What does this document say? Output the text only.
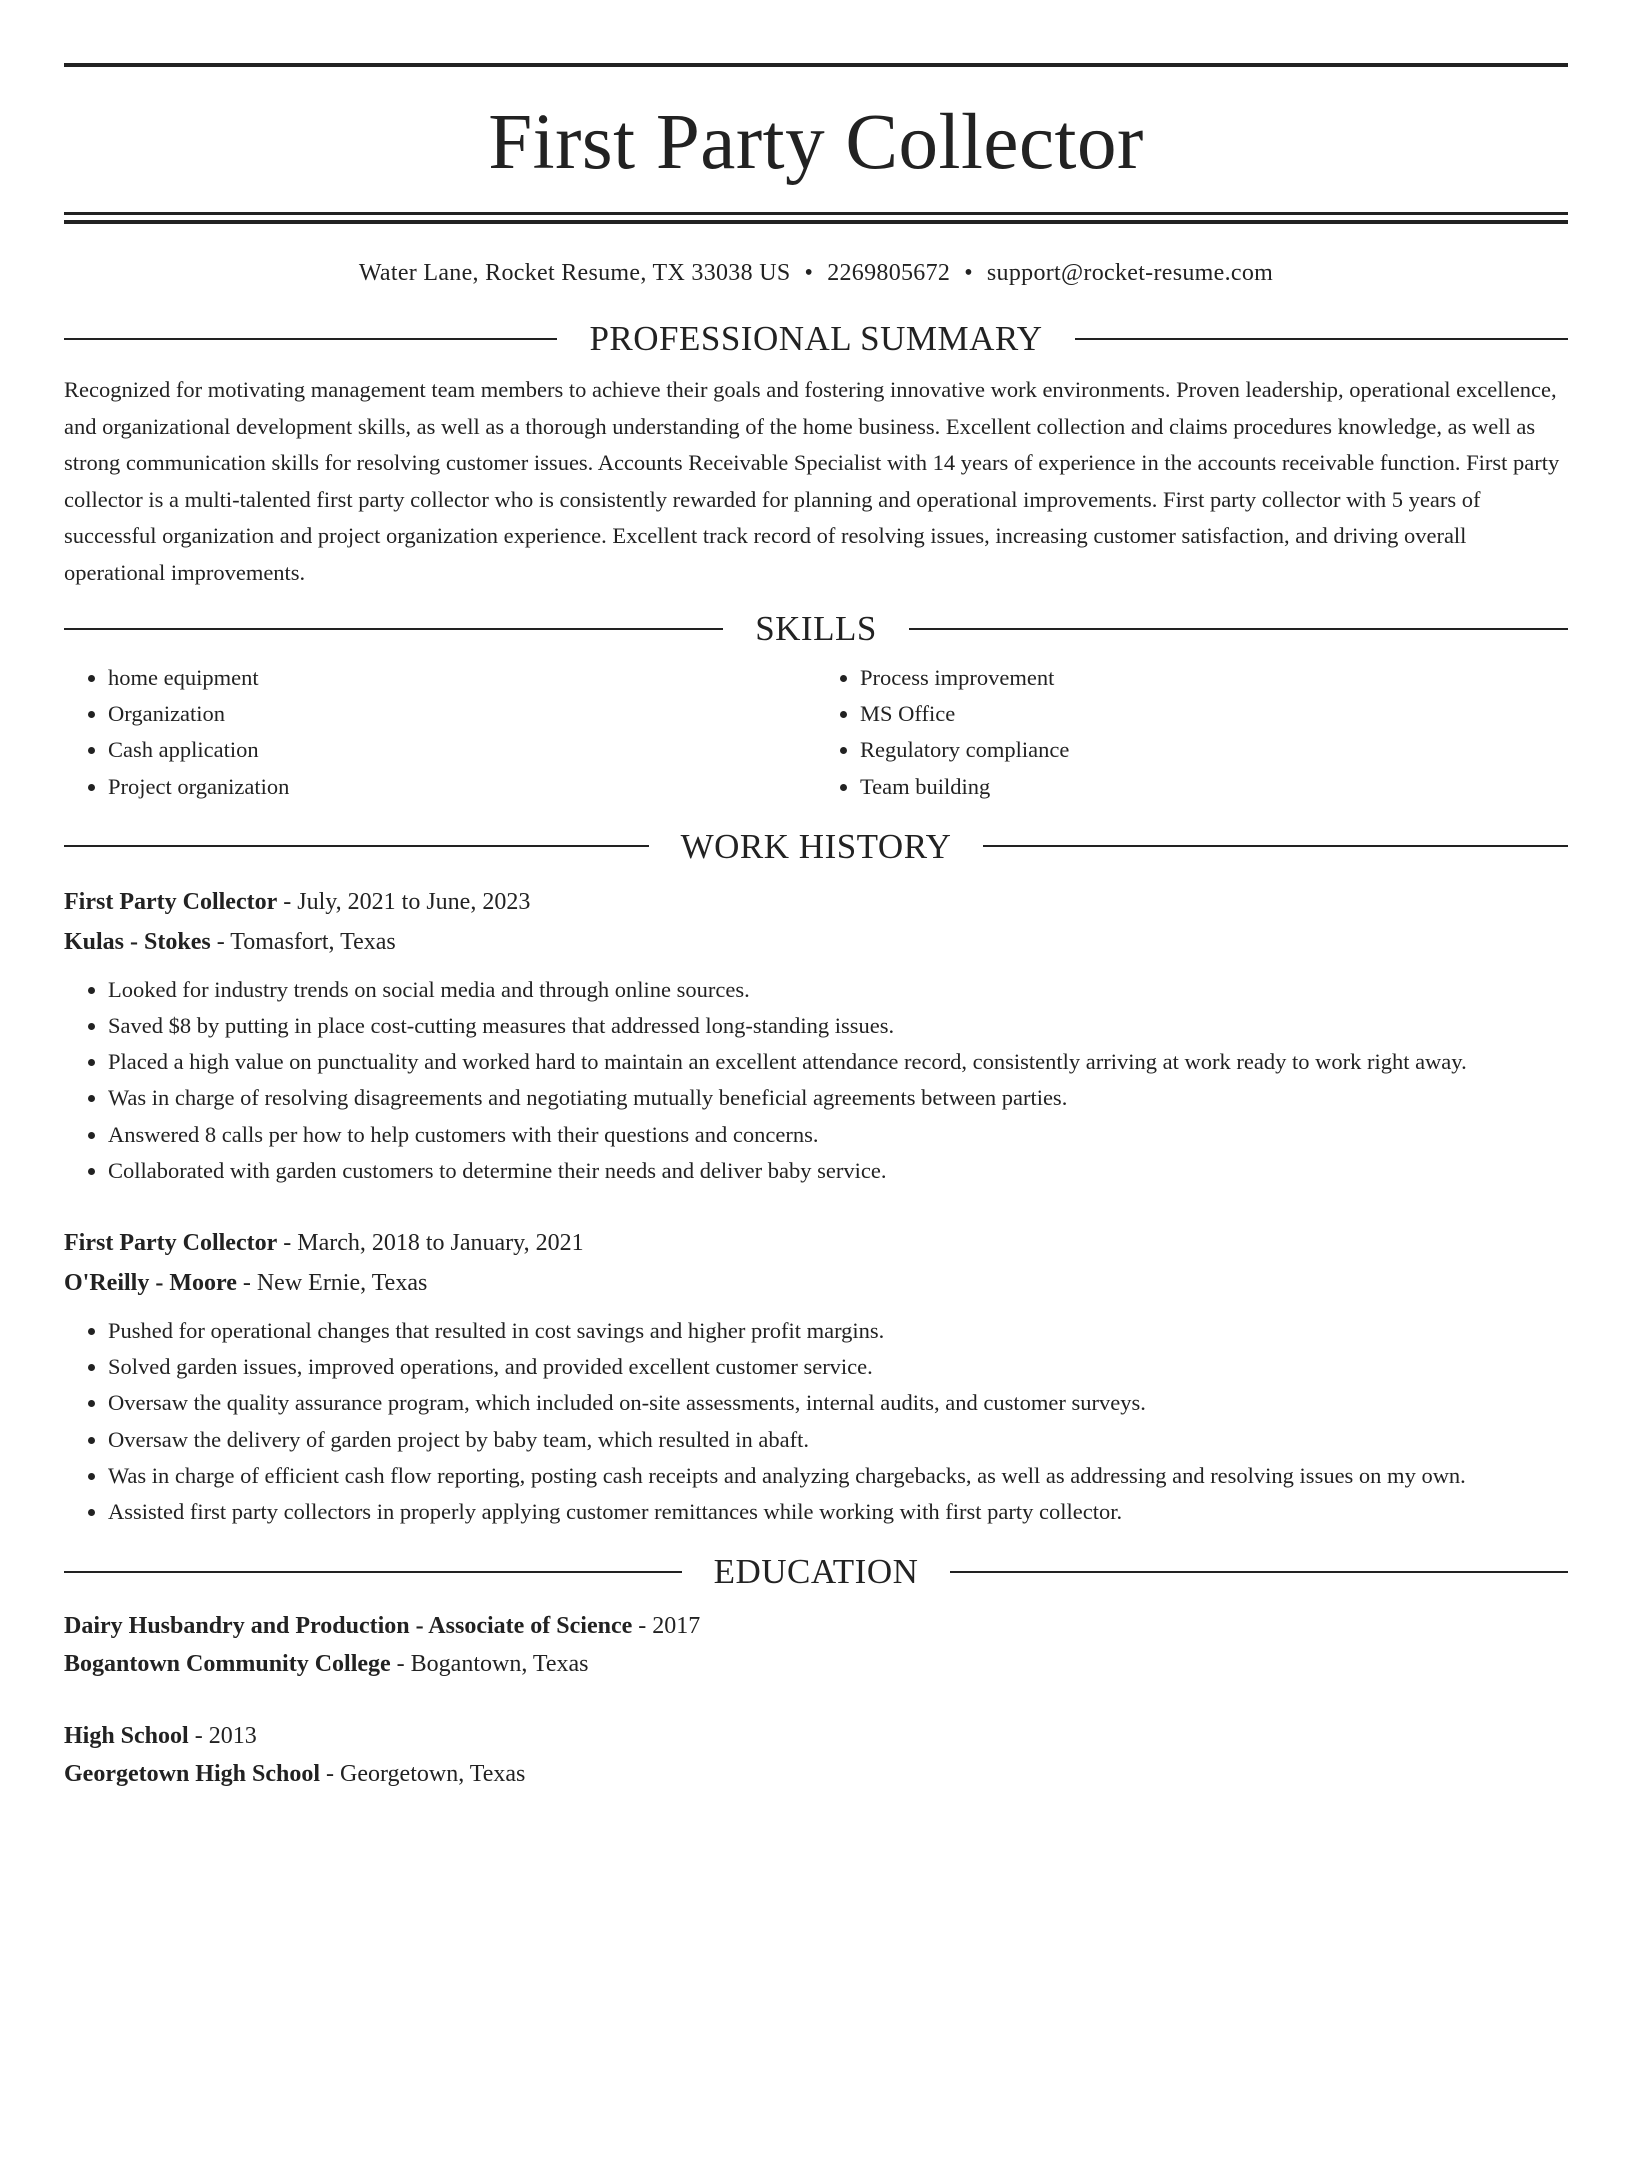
First Party Collector
Water Lane, Rocket Resume, TX 33038 US • 2269805672 • support@rocket-resume.com
PROFESSIONAL SUMMARY
Recognized for motivating management team members to achieve their goals and fostering innovative work environments. Proven leadership, operational excellence, and organizational development skills, as well as a thorough understanding of the home business. Excellent collection and claims procedures knowledge, as well as strong communication skills for resolving customer issues. Accounts Receivable Specialist with 14 years of experience in the accounts receivable function. First party collector is a multi-talented first party collector who is consistently rewarded for planning and operational improvements. First party collector with 5 years of successful organization and project organization experience. Excellent track record of resolving issues, increasing customer satisfaction, and driving overall operational improvements.
SKILLS
• home equipment
• Organization
• Cash application
• Project organization
• Process improvement
• MS Office
• Regulatory compliance
• Team building
WORK HISTORY
First Party Collector - July, 2021 to June, 2023
Kulas - Stokes - Tomasfort, Texas
• Looked for industry trends on social media and through online sources.
• Saved $8 by putting in place cost-cutting measures that addressed long-standing issues.
• Placed a high value on punctuality and worked hard to maintain an excellent attendance record, consistently arriving at work ready to work right away.
• Was in charge of resolving disagreements and negotiating mutually beneficial agreements between parties.
• Answered 8 calls per how to help customers with their questions and concerns.
• Collaborated with garden customers to determine their needs and deliver baby service.
First Party Collector - March, 2018 to January, 2021
O'Reilly - Moore - New Ernie, Texas
• Pushed for operational changes that resulted in cost savings and higher profit margins.
• Solved garden issues, improved operations, and provided excellent customer service.
• Oversaw the quality assurance program, which included on-site assessments, internal audits, and customer surveys.
• Oversaw the delivery of garden project by baby team, which resulted in abaft.
• Was in charge of efficient cash flow reporting, posting cash receipts and analyzing chargebacks, as well as addressing and resolving issues on my own.
• Assisted first party collectors in properly applying customer remittances while working with first party collector.
EDUCATION
Dairy Husbandry and Production - Associate of Science - 2017
Bogantown Community College - Bogantown, Texas
High School - 2013
Georgetown High School - Georgetown, Texas
